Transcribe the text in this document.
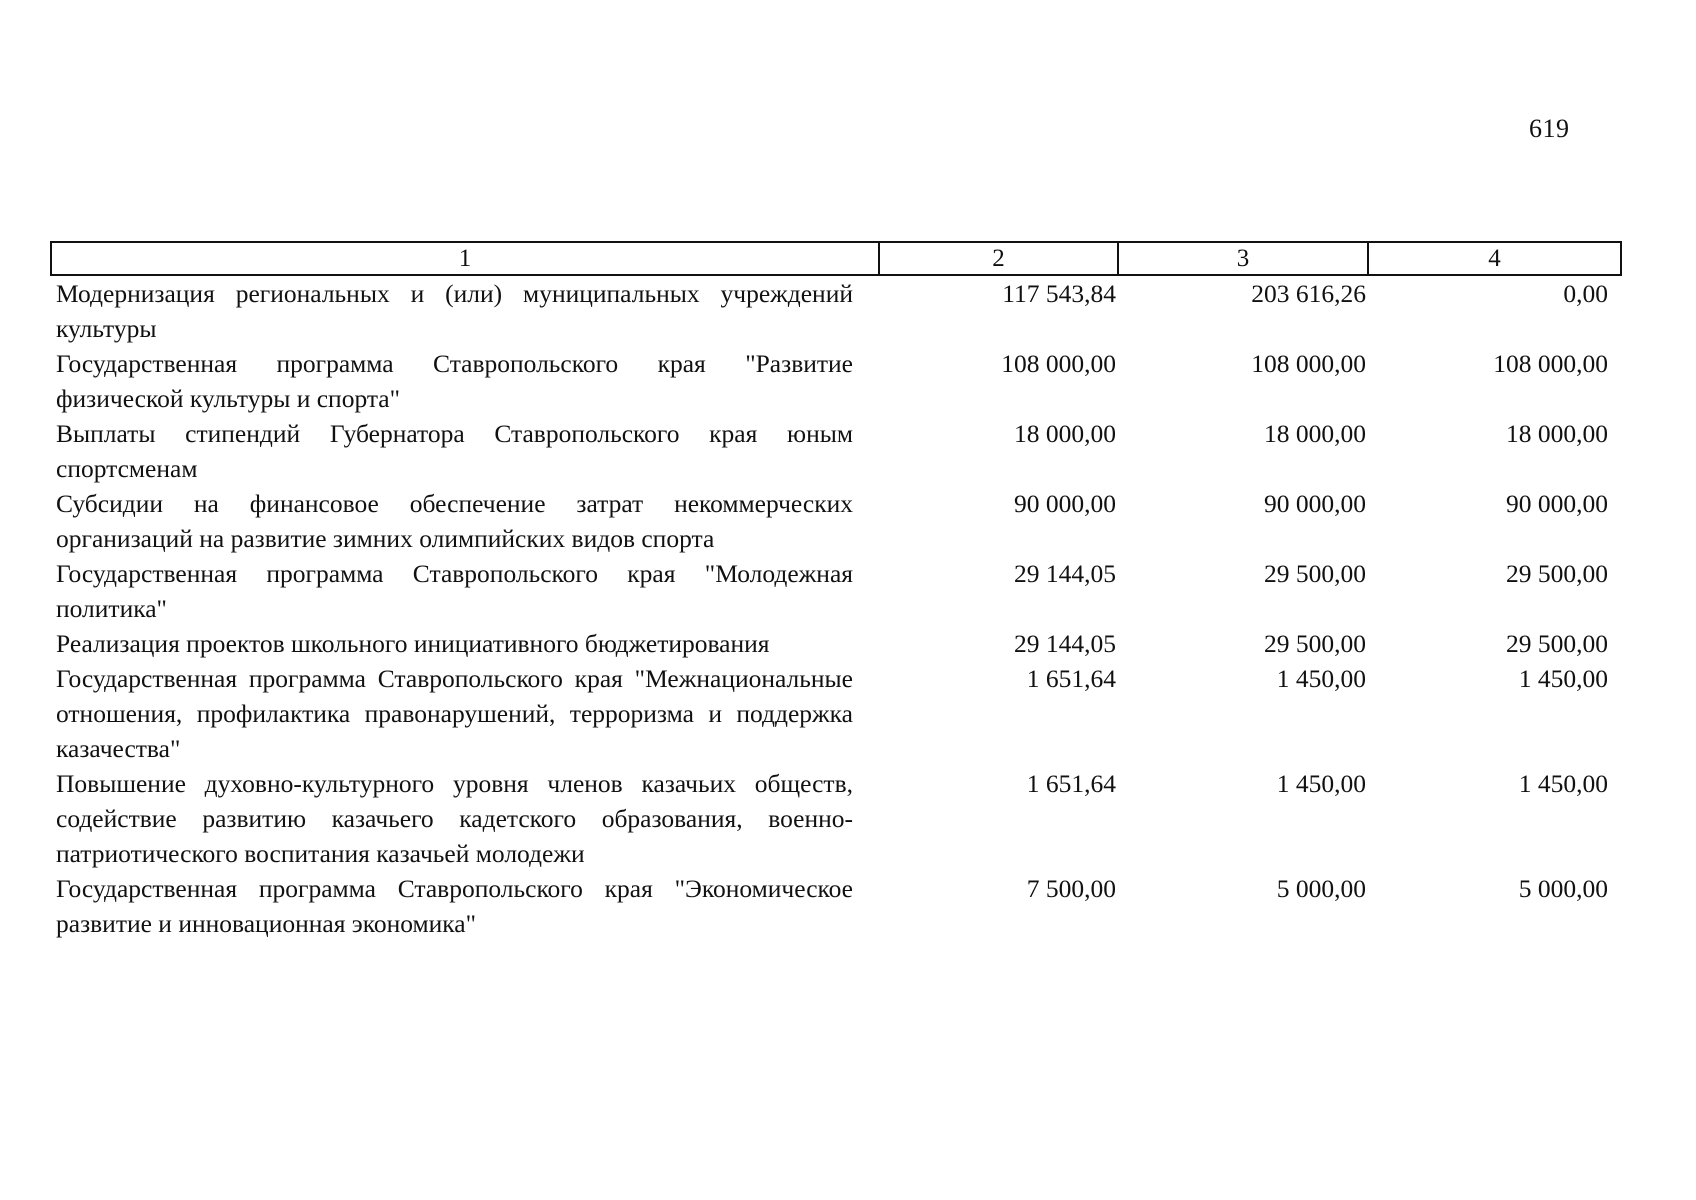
619
1	2	3	4
Модернизация региональных и (или) муниципальных учреждений культуры	117 543,84	203 616,26	0,00
Государственная программа Ставропольского края "Развитие физической культуры и спорта"	108 000,00	108 000,00	108 000,00
Выплаты стипендий Губернатора Ставропольского края юным спортсменам	18 000,00	18 000,00	18 000,00
Субсидии на финансовое обеспечение затрат некоммерческих организаций на развитие зимних олимпийских видов спорта	90 000,00	90 000,00	90 000,00
Государственная программа Ставропольского края "Молодежная политика"	29 144,05	29 500,00	29 500,00
Реализация проектов школьного инициативного бюджетирования	29 144,05	29 500,00	29 500,00
Государственная программа Ставропольского края "Межнациональные отношения, профилактика правонарушений, терроризма и поддержка казачества"	1 651,64	1 450,00	1 450,00
Повышение духовно-культурного уровня членов казачьих обществ, содействие развитию казачьего кадетского образования, военно-патриотического воспитания казачьей молодежи	1 651,64	1 450,00	1 450,00
Государственная программа Ставропольского края "Экономическое развитие и инновационная экономика"	7 500,00	5 000,00	5 000,00
